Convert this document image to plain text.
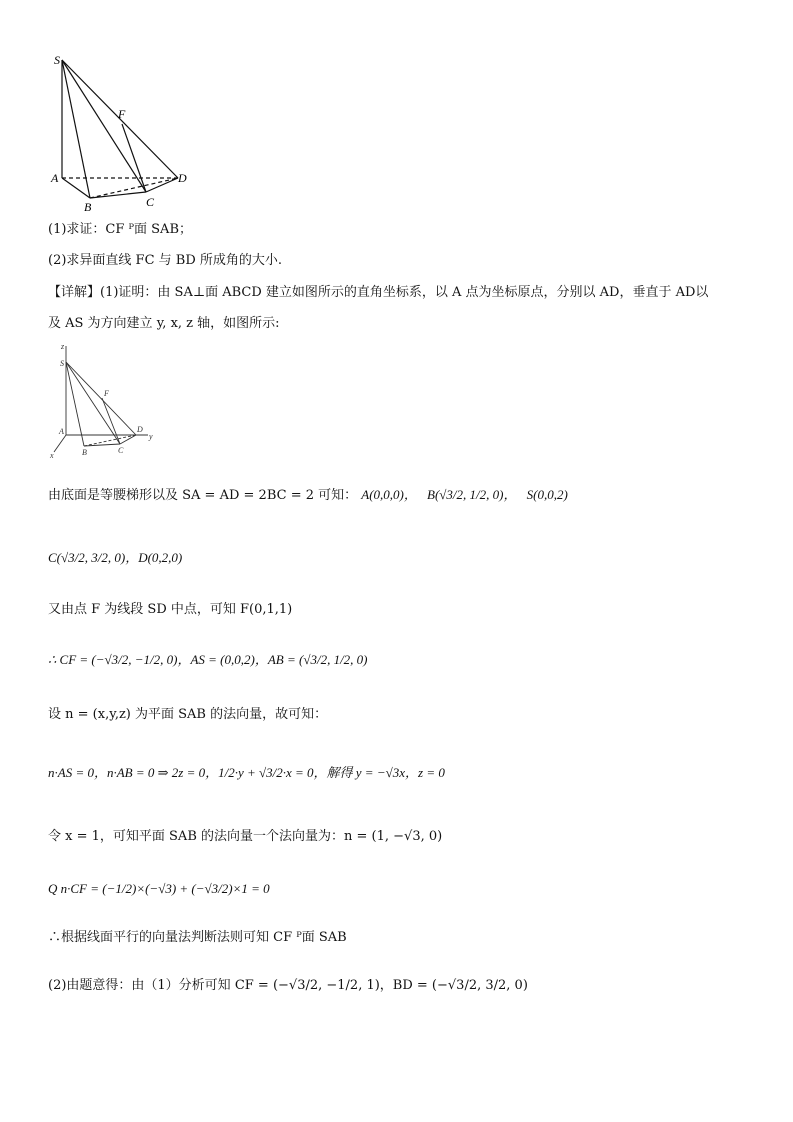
S
F
A
B	C
D
(1)求证：CF ᴾ面 SAB；
(2)求异面直线 FC 与 BD 所成角的大小.
【详解】(1)证明：由 SA⊥面 ABCD 建立如图所示的直角坐标系，以 A 点为坐标原点，分别以 AD，垂直于 AD以
及 AS 为方向建立 y, x, z 轴，如图所示:
z
S
F
A
B	C
D
y
x
由底面是等腰梯形以及 SA = AD = 2BC = 2 可知： A(0,0,0)， B(√3/2, 1/2, 0)， S(0,0,2)
C(√3/2, 3/2, 0)，D(0,2,0)
又由点 F 为线段 SD 中点，可知 F(0,1,1)
∴ CF = (−√3/2, −1/2, 0)，AS = (0,0,2)，AB = (√3/2, 1/2, 0)
设 n = (x,y,z) 为平面 SAB 的法向量，故可知：
n·AS = 0，n·AB = 0 ⇒ 2z = 0，1/2·y + √3/2·x = 0，解得 y = −√3x，z = 0
令 x = 1，可知平面 SAB 的法向量一个法向量为：n = (1, −√3, 0)
Q n·CF = (−1/2)×(−√3) + (−√3/2)×1 = 0
∴根据线面平行的向量法判断法则可知 CF ᴾ面 SAB
(2)由题意得：由（1）分析可知 CF = (−√3/2, −1/2, 1)，BD = (−√3/2, 3/2, 0)
